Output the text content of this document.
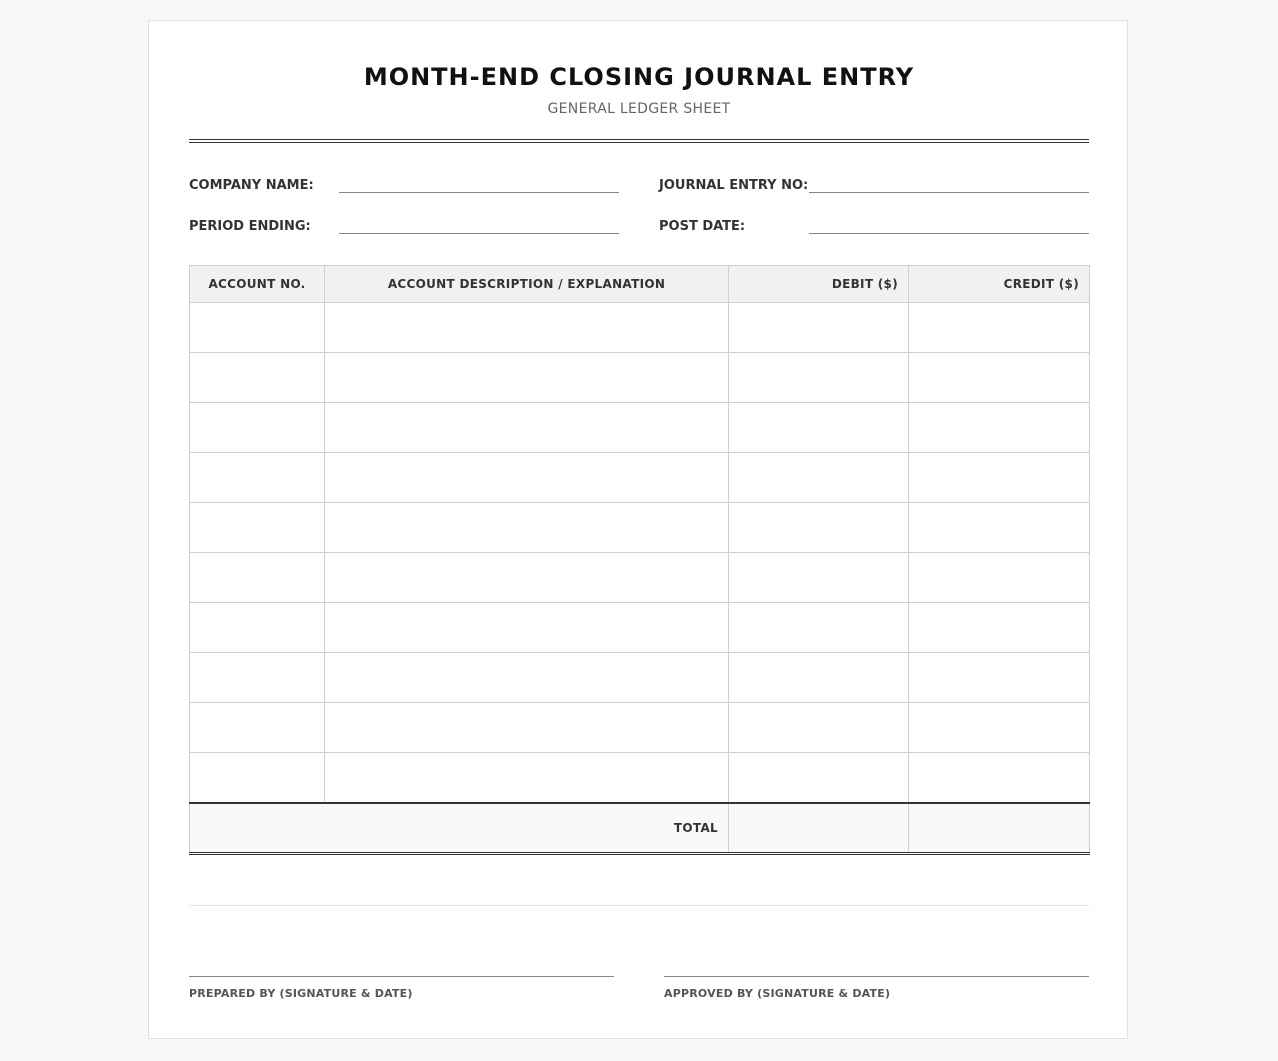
MONTH-END CLOSING JOURNAL ENTRY
GENERAL LEDGER SHEET
COMPANY NAME:	JOURNAL ENTRY NO:
PERIOD ENDING:	POST DATE:
ACCOUNT NO.	ACCOUNT DESCRIPTION / EXPLANATION	DEBIT ($)	CREDIT ($)

TOTAL			
PREPARED BY (SIGNATURE & DATE)	APPROVED BY (SIGNATURE & DATE)
